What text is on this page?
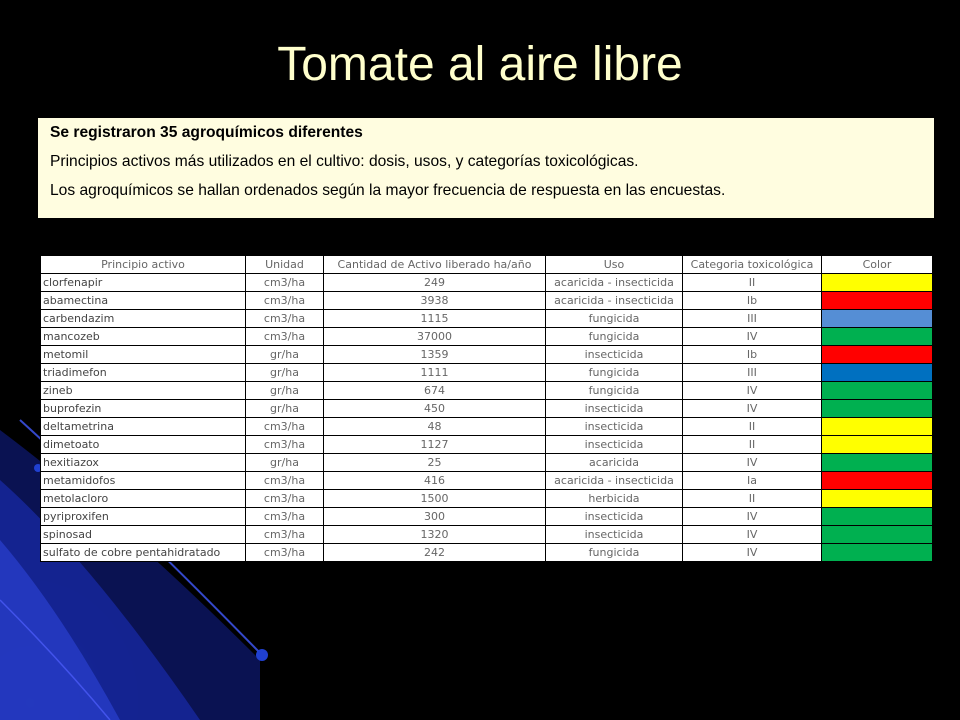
Tomate al aire libre
Se registraron 35 agroquímicos diferentes
Principios activos más utilizados en el cultivo: dosis, usos, y categorías toxicológicas.
Los agroquímicos se hallan ordenados según la mayor frecuencia de respuesta en las encuestas.
Principio activo	Unidad	Cantidad de Activo liberado ha/año	Uso	Categoria toxicológica	Color
clorfenapir	cm3/ha	249	acaricida - insecticida	II	
abamectina	cm3/ha	3938	acaricida - insecticida	Ib	
carbendazim	cm3/ha	1115	fungicida	III	
mancozeb	cm3/ha	37000	fungicida	IV	
metomil	gr/ha	1359	insecticida	Ib	
triadimefon	gr/ha	1111	fungicida	III	
zineb	gr/ha	674	fungicida	IV	
buprofezin	gr/ha	450	insecticida	IV	
deltametrina	cm3/ha	48	insecticida	II	
dimetoato	cm3/ha	1127	insecticida	II	
hexitiazox	gr/ha	25	acaricida	IV	
metamidofos	cm3/ha	416	acaricida - insecticida	Ia	
metolacloro	cm3/ha	1500	herbicida	II	
pyriproxifen	cm3/ha	300	insecticida	IV	
spinosad	cm3/ha	1320	insecticida	IV	
sulfato de cobre pentahidratado	cm3/ha	242	fungicida	IV	
